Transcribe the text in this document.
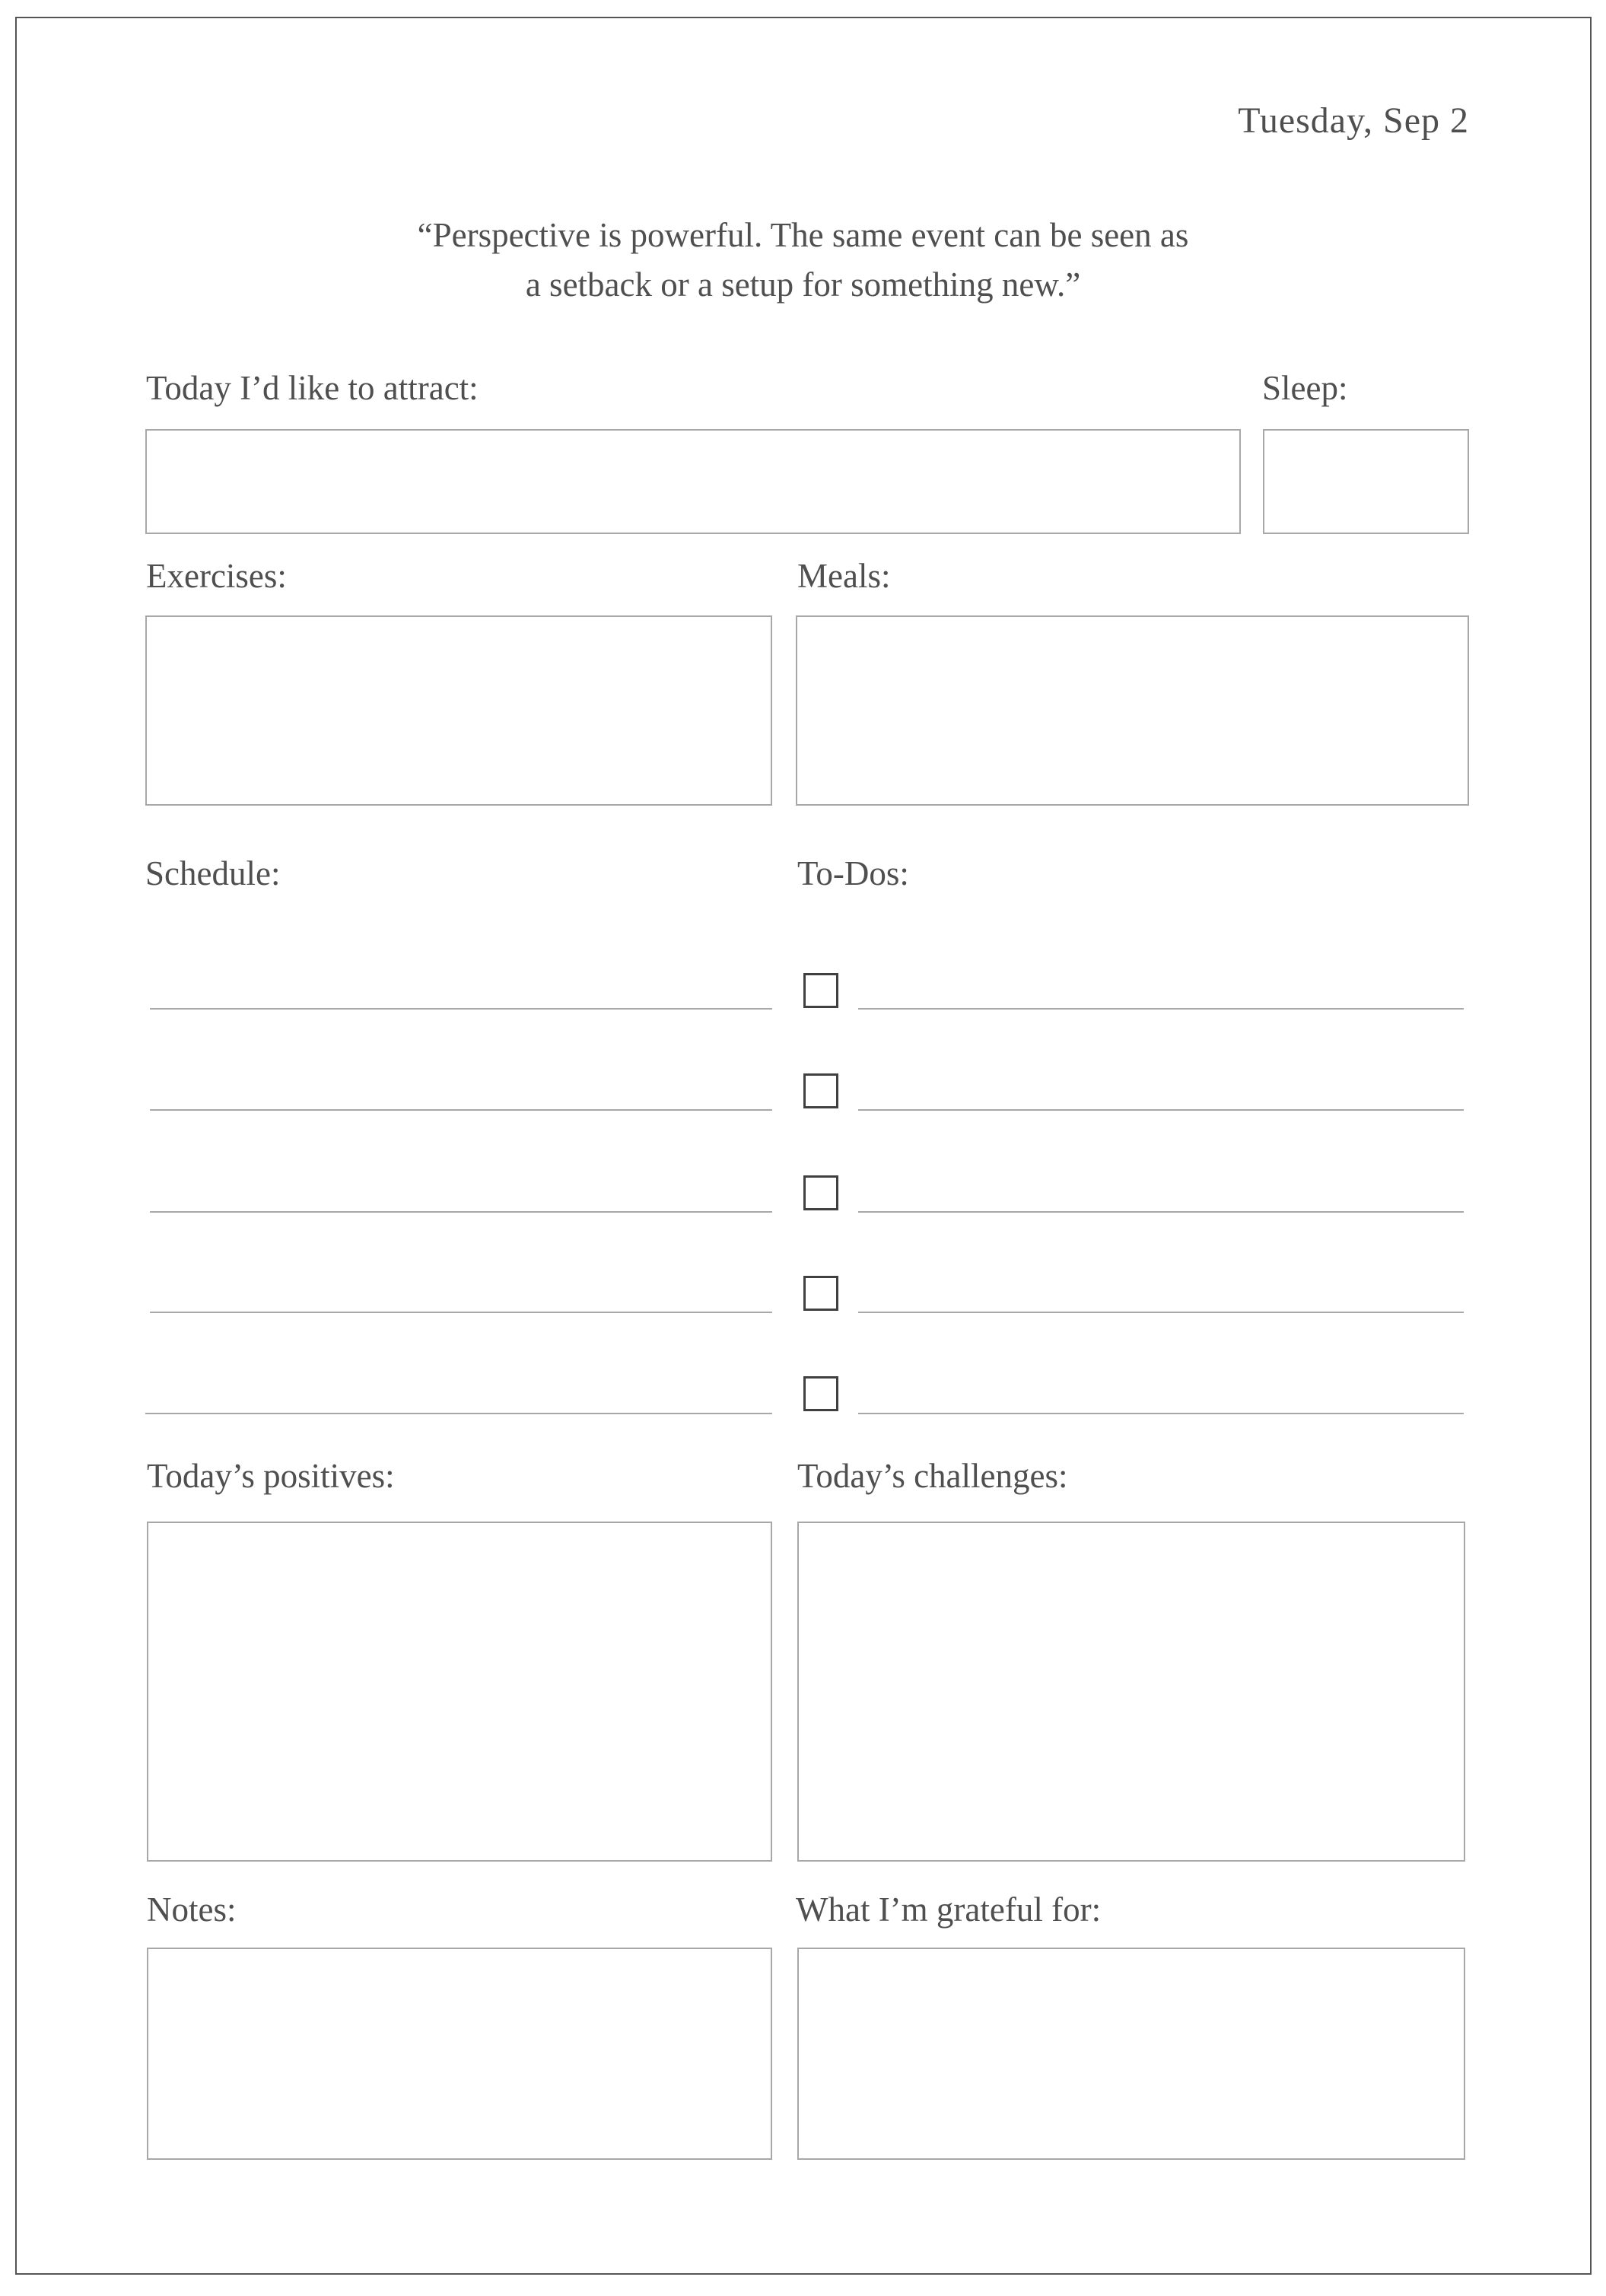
Tuesday, Sep 2
“Perspective is powerful. The same event can be seen as
a setback or a setup for something new.”
Today I’d like to attract:	Sleep:
Exercises:	Meals:
Schedule:	To-Dos:
Today’s positives:	Today’s challenges:
Notes:	What I’m grateful for:
